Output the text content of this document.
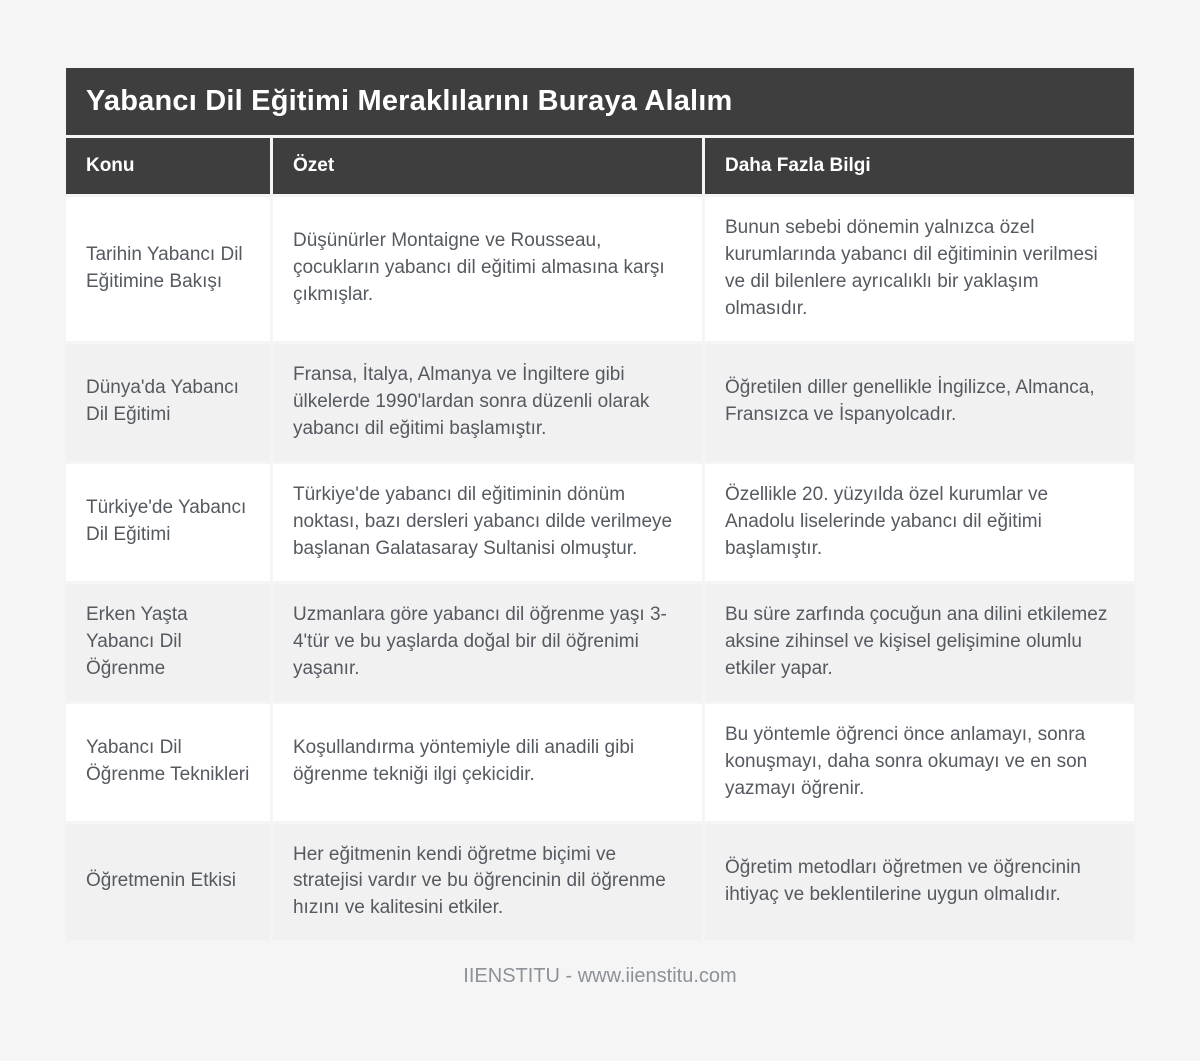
Yabancı Dil Eğitimi Meraklılarını Buraya Alalım		
Konu	Özet	Daha Fazla Bilgi
Tarihin Yabancı Dil Eğitimine Bakışı	Düşünürler Montaigne ve Rousseau, çocukların yabancı dil eğitimi almasına karşı çıkmışlar.	Bunun sebebi dönemin yalnızca özel kurumlarında yabancı dil eğitiminin verilmesi ve dil bilenlere ayrıcalıklı bir yaklaşım olmasıdır.
Dünya'da Yabancı Dil Eğitimi	Fransa, İtalya, Almanya ve İngiltere gibi ülkelerde 1990'lardan sonra düzenli olarak yabancı dil eğitimi başlamıştır.	Öğretilen diller genellikle İngilizce, Almanca, Fransızca ve İspanyolcadır.
Türkiye'de Yabancı Dil Eğitimi	Türkiye'de yabancı dil eğitiminin dönüm noktası, bazı dersleri yabancı dilde verilmeye başlanan Galatasaray Sultanisi olmuştur.	Özellikle 20. yüzyılda özel kurumlar ve Anadolu liselerinde yabancı dil eğitimi başlamıştır.
Erken Yaşta Yabancı Dil Öğrenme	Uzmanlara göre yabancı dil öğrenme yaşı 3-4'tür ve bu yaşlarda doğal bir dil öğrenimi yaşanır.	Bu süre zarfında çocuğun ana dilini etkilemez aksine zihinsel ve kişisel gelişimine olumlu etkiler yapar.
Yabancı Dil Öğrenme Teknikleri	Koşullandırma yöntemiyle dili anadili gibi öğrenme tekniği ilgi çekicidir.	Bu yöntemle öğrenci önce anlamayı, sonra konuşmayı, daha sonra okumayı ve en son yazmayı öğrenir.
Öğretmenin Etkisi	Her eğitmenin kendi öğretme biçimi ve stratejisi vardır ve bu öğrencinin dil öğrenme hızını ve kalitesini etkiler.	Öğretim metodları öğretmen ve öğrencinin ihtiyaç ve beklentilerine uygun olmalıdır.
IIENSTITU - www.iienstitu.com
